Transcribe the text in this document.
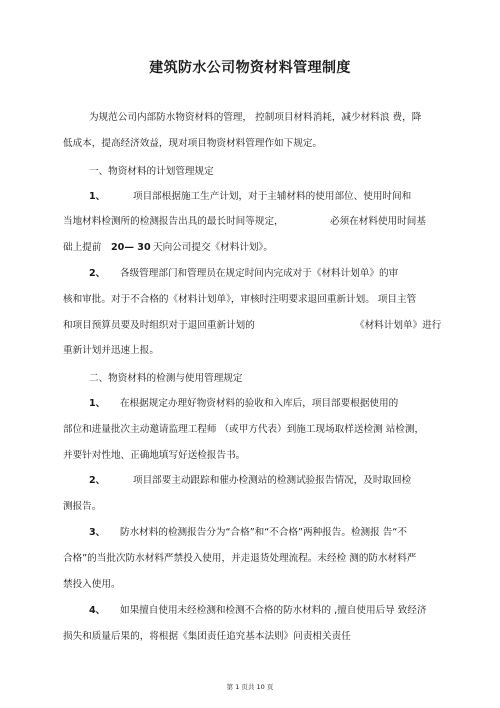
建筑防水公司物资材料管理制度
为规范公司内部防水物资材料的管理， 控制项目材料消耗，减少材料浪 费，降
低成本，提高经济效益，现对项目物资材料管理作如下规定。
一、物资材料的计划管理规定
1、	项目部根据施工生产计划，对于主辅材料的使用部位、使用时间和
当地材料检测所的检测报告出具的最长时间等规定，	必须在材料使用时间基
础上提前 20— 30 天向公司提交《材料计划》。
2、 各级管理部门和管理员在规定时间内完成对于《材料计划单》的审
核和审批。对于不合格的《材料计划单》，审核时注明要求退回重新计划。 项目主管
和项目预算员要及时组织对于退回重新计划的	《材料计划单》进行
重新计划并迅速上报。
二、物资材料的检测与使用管理规定
1、 在根据规定办理好物资材料的验收和入库后，项目部要根据使用的
部位和进量批次主动邀请监理工程师 （或甲方代表）到施工现场取样送检测 站检测，
并要针对性地、正确地填写好送检报告书。
2、	项目部要主动跟踪和催办检测站的检测试验报告情况，及时取回检
测报告。
3、 防水材料的检测报告分为“合格”和“不合格”两种报告。检测报 告“不
合格”的当批次防水材料严禁投入使用，并走退货处理流程。未经检 测的防水材料严
禁投入使用。
4、 如果擅自使用未经检测和检测不合格的防水材料的 ,擅自使用后导 致经济
损失和质量后果的，将根据《集团责任追究基本法则》问责相关责任
第 1 页共 10 页
